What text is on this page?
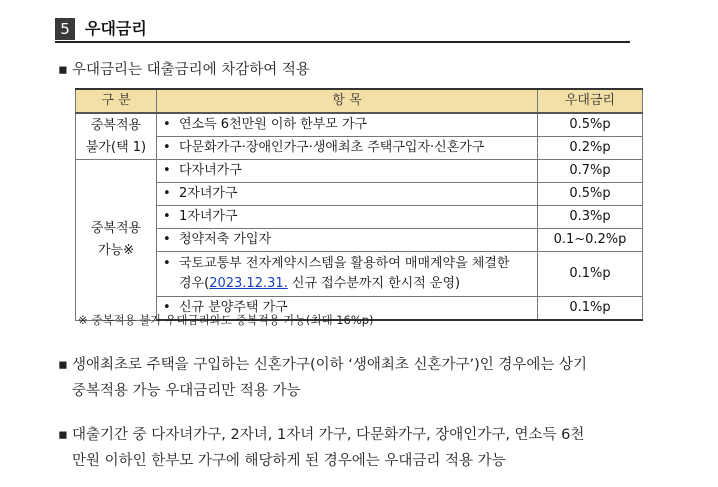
5 우대금리
▪ 우대금리는 대출금리에 차감하여 적용
구 분	항 목	우대금리

중복적용
불가(택 1)	• 연소득 6천만원 이하 한부모 가구	0.5%p
	• 다문화가구·장애인가구·생애최초 주택구입자·신혼가구	0.2%p

중복적용
가능※	• 다자녀가구	0.7%p
	• 2자녀가구	0.5%p
	• 1자녀가구	0.3%p
	• 청약저축 가입자	0.1~0.2%p

	• 국토교통부 전자계약시스템을 활용하여 매매계약을 체결한
경우(2023.12.31. 신규 접수분까지 한시적 운영)	0.1%p
	• 신규 분양주택 가구	0.1%p
※ 중복적용 불가 우대금리와도 중복적용 가능(최대 16%p)
▪ 생애최초로 주택을 구입하는 신혼가구(이하 ‘생애최초 신혼가구’)인 경우에는 상기
중복적용 가능 우대금리만 적용 가능
▪ 대출기간 중 다자녀가구, 2자녀, 1자녀 가구, 다문화가구, 장애인가구, 연소득 6천
만원 이하인 한부모 가구에 해당하게 된 경우에는 우대금리 적용 가능
